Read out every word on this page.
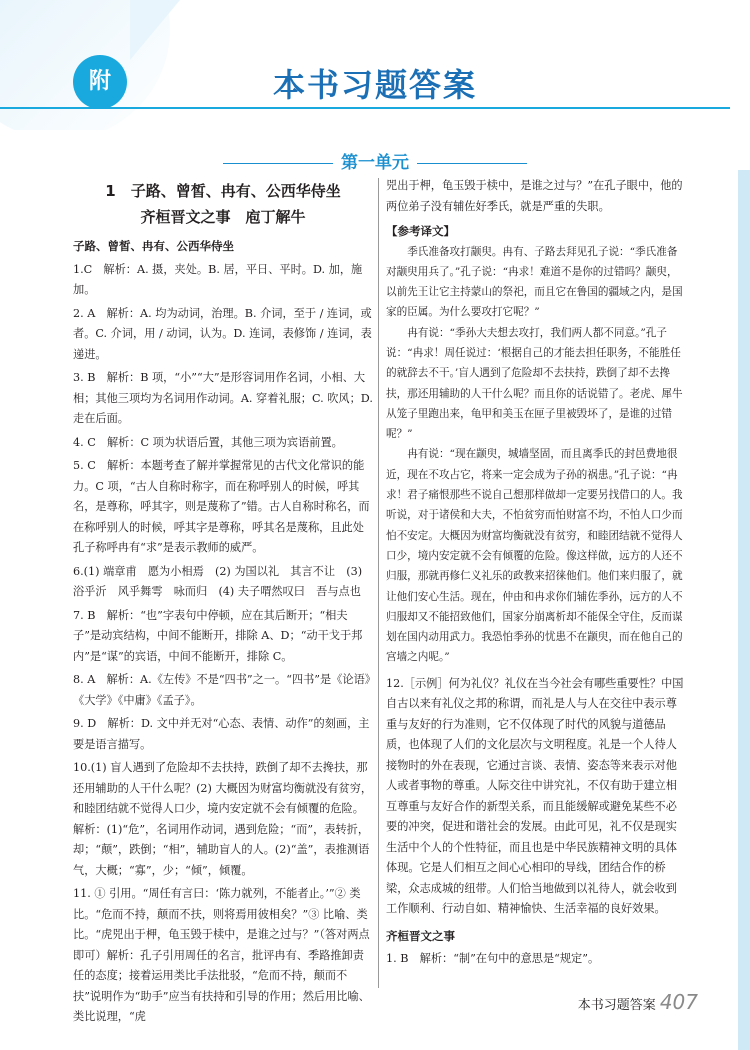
附	本书习题答案
第一单元
1　子路、曾皙、冉有、公西华侍坐
齐桓晋文之事　庖丁解牛
子路、曾皙、冉有、公西华侍坐
1.C　解析：A. 摄，夹处。B. 居，平日、平时。D. 加，施加。
2. A　解析：A. 均为动词，治理。B. 介词，至于 / 连词，或者。C. 介词，用 / 动词，认为。D. 连词，表修饰 / 连词，表递进。
3. B　解析：B 项，“小”“大”是形容词用作名词，小相、大相；其他三项均为名词用作动词。A. 穿着礼服；C. 吹风；D. 走在后面。
4. C　解析：C 项为状语后置，其他三项为宾语前置。
5. C　解析：本题考查了解并掌握常见的古代文化常识的能力。C 项，“古人自称时称字，而在称呼别人的时候，呼其名，是尊称，呼其字，则是蔑称了”错。古人自称时称名，而在称呼别人的时候，呼其字是尊称，呼其名是蔑称，且此处孔子称呼冉有“求”是表示教师的威严。
6.(1) 端章甫　愿为小相焉　(2) 为国以礼　其言不让　(3) 浴乎沂　风乎舞雩　咏而归　(4) 夫子喟然叹曰　吾与点也
7. B　解析：“也”字表句中停顿，应在其后断开；“相夫子”是动宾结构，中间不能断开，排除 A、D；“动干戈于邦内”是“谋”的宾语，中间不能断开，排除 C。
8. A　解析：A.《左传》不是“四书”之一。“四书”是《论语》《大学》《中庸》《孟子》。
9. D　解析：D. 文中并无对“心态、表情、动作”的刻画，主要是语言描写。
10.(1) 盲人遇到了危险却不去扶持，跌倒了却不去搀扶，那还用辅助的人干什么呢？(2) 大概因为财富均衡就没有贫穷，和睦团结就不觉得人口少，境内安定就不会有倾覆的危险。解析：(1)“危”，名词用作动词，遇到危险；“而”，表转折，却；“颠”，跌倒；“相”，辅助盲人的人。(2)“盖”，表推测语气，大概；“寡”，少；“倾”，倾覆。
11. ① 引用。“周任有言曰：‘陈力就列，不能者止。’”② 类比。“危而不持，颠而不扶，则将焉用彼相矣？”③ 比喻、类比。“虎兕出于柙，龟玉毁于椟中，是谁之过与？”（答对两点即可）解析：孔子引用周任的名言，批评冉有、季路推卸责任的态度；接着运用类比手法批驳，“危而不持，颠而不扶”说明作为“助手”应当有扶持和引导的作用；然后用比喻、类比说理，“虎
兕出于柙，龟玉毁于椟中，是谁之过与？”在孔子眼中，他的两位弟子没有辅佐好季氏，就是严重的失职。
【参考译文】
季氏准备攻打颛臾。冉有、子路去拜见孔子说：“季氏准备对颛臾用兵了。”孔子说：“冉求！难道不是你的过错吗？颛臾，以前先王让它主持蒙山的祭祀，而且它在鲁国的疆域之内，是国家的臣属。为什么要攻打它呢？”
冉有说：“季孙大夫想去攻打，我们两人都不同意。”孔子说：“冉求！周任说过：‘根据自己的才能去担任职务，不能胜任的就辞去不干。’盲人遇到了危险却不去扶持，跌倒了却不去搀扶，那还用辅助的人干什么呢？而且你的话说错了。老虎、犀牛从笼子里跑出来，龟甲和美玉在匣子里被毁坏了，是谁的过错呢？”
冉有说：“现在颛臾，城墙坚固，而且离季氏的封邑费地很近，现在不攻占它，将来一定会成为子孙的祸患。”孔子说：“冉求！君子痛恨那些不说自己想那样做却一定要另找借口的人。我听说，对于诸侯和大夫，不怕贫穷而怕财富不均，不怕人口少而怕不安定。大概因为财富均衡就没有贫穷，和睦团结就不觉得人口少，境内安定就不会有倾覆的危险。像这样做，远方的人还不归服，那就再修仁义礼乐的政教来招徕他们。他们来归服了，就让他们安心生活。现在，仲由和冉求你们辅佐季孙，远方的人不归服却又不能招致他们，国家分崩离析却不能保全守住，反而谋划在国内动用武力。我恐怕季孙的忧患不在颛臾，而在他自己的宫墙之内呢。”
12.［示例］何为礼仪？礼仪在当今社会有哪些重要性？中国自古以来有礼仪之邦的称谓，而礼是人与人在交往中表示尊重与友好的行为准则，它不仅体现了时代的风貌与道德品质，也体现了人们的文化层次与文明程度。礼是一个人待人接物时的外在表现，它通过言谈、表情、姿态等来表示对他人或者事物的尊重。人际交往中讲究礼，不仅有助于建立相互尊重与友好合作的新型关系，而且能缓解或避免某些不必要的冲突，促进和谐社会的发展。由此可见，礼不仅是现实生活中个人的个性特征，而且也是中华民族精神文明的具体体现。它是人们相互之间心心相印的导线，团结合作的桥梁，众志成城的纽带。人们恰当地做到以礼待人，就会收到工作顺利、行动自如、精神愉快、生活幸福的良好效果。
齐桓晋文之事
1. B　解析：“制”在句中的意思是“规定”。
本书习题答案 407
